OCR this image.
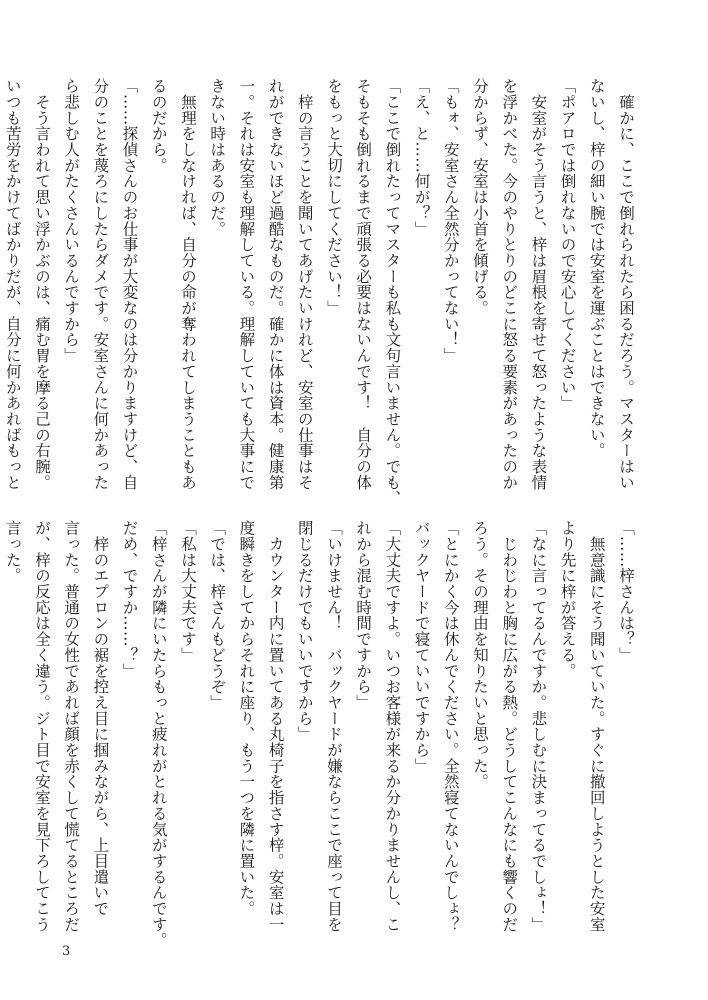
　確かに、ここで倒れられたら困るだろう。マスターはい
ないし、梓の細い腕では安室を運ぶことはできない。
「ポアロでは倒れないので安心してください」
　安室がそう言うと、梓は眉根を寄せて怒ったような表情
を浮かべた。今のやりとりのどこに怒る要素があったのか
分からず、安室は小首を傾げる。
「もォ、安室さん全然分かってない！」
「え、と……何が？」
「ここで倒れたってマスターも私も文句言いません。でも、
そもそも倒れるまで頑張る必要はないんです！　自分の体
をもっと大切にしてください！」
　梓の言うことを聞いてあげたいけれど、安室の仕事はそ
れができないほど過酷なものだ。確かに体は資本。健康第
一。それは安室も理解している。理解していても大事にで
きない時はあるのだ。
　無理をしなければ、自分の命が奪われてしまうこともあ
るのだから。
「……探偵さんのお仕事が大変なのは分かりますけど、自
分のことを蔑ろにしたらダメです。安室さんに何かあった
ら悲しむ人がたくさんいるんですから」
　そう言われて思い浮かぶのは、痛む胃を摩る己の右腕。
いつも苦労をかけてばかりだが、自分に何かあればもっと
「……梓さんは？」
　無意識にそう聞いていた。すぐに撤回しようとした安室
より先に梓が答える。
「なに言ってるんですか。悲しむに決まってるでしょ！」
　じわじわと胸に広がる熱。どうしてこんなにも響くのだ
ろう。その理由を知りたいと思った。
「とにかく今は休んでください。全然寝てないんでしょ？
バックヤードで寝ていいですから」
「大丈夫ですよ。いつお客様が来るか分かりませんし、こ
れから混む時間ですから」
「いけません！　バックヤードが嫌ならここで座って目を
閉じるだけでもいいですから」
　カウンター内に置いてある丸椅子を指さす梓。安室は一
度瞬きをしてからそれに座り、もう一つを隣に置いた。
「では、梓さんもどうぞ」
「私は大丈夫です」
「梓さんが隣にいたらもっと疲れがとれる気がするんです。
だめ、ですか……？」
　梓のエプロンの裾を控え目に掴みながら、上目遣いで
言った。普通の女性であれば顔を赤くして慌てるところだ
が、梓の反応は全く違う。ジト目で安室を見下ろしてこう
言った。
3
